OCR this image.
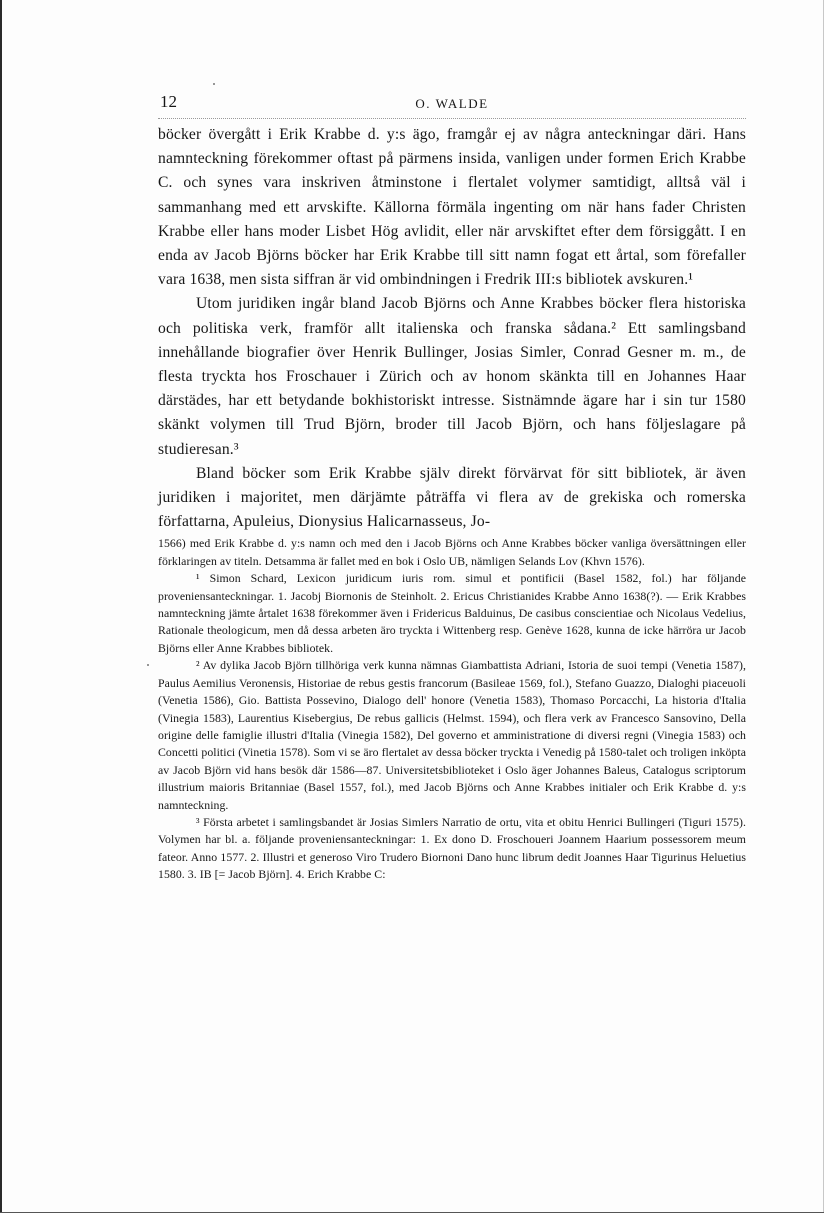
12	O. WALDE

böcker övergått i Erik Krabbe d. y:s ägo, framgår ej av några anteckningar däri. Hans namnteckning förekommer oftast på pärmens insida, vanligen under formen Erich Krabbe C. och synes vara inskriven åtminstone i flertalet volymer samtidigt, alltså väl i sammanhang med ett arvskifte. Källorna förmäla ingenting om när hans fader Christen Krabbe eller hans moder Lisbet Hög avlidit, eller när arvskiftet efter dem försiggått. I en enda av Jacob Björns böcker har Erik Krabbe till sitt namn fogat ett årtal, som förefaller vara 1638, men sista siffran är vid ombindningen i Fredrik III:s bibliotek avskuren.¹

Utom juridiken ingår bland Jacob Björns och Anne Krabbes böcker flera historiska och politiska verk, framför allt italienska och franska sådana.² Ett samlingsband innehållande biografier över Henrik Bullinger, Josias Simler, Conrad Gesner m. m., de flesta tryckta hos Froschauer i Zürich och av honom skänkta till en Johannes Haar därstädes, har ett betydande bokhistoriskt intresse. Sistnämnde ägare har i sin tur 1580 skänkt volymen till Trud Björn, broder till Jacob Björn, och hans följeslagare på studieresan.³

Bland böcker som Erik Krabbe själv direkt förvärvat för sitt bibliotek, är även juridiken i majoritet, men därjämte påträffa vi flera av de grekiska och romerska författarna, Apuleius, Dionysius Halicarnasseus, Jo-

1566) med Erik Krabbe d. y:s namn och med den i Jacob Björns och Anne Krabbes böcker vanliga översättningen eller förklaringen av titeln. Detsamma är fallet med en bok i Oslo UB, nämligen Selands Lov (Khvn 1576).

¹ Simon Schard, Lexicon juridicum iuris rom. simul et pontificii (Basel 1582, fol.) har följande proveniensanteckningar. 1. Jacobj Biornonis de Steinholt. 2. Ericus Christianides Krabbe Anno 1638(?). — Erik Krabbes namnteckning jämte årtalet 1638 förekommer även i Fridericus Balduinus, De casibus conscientiae och Nicolaus Vedelius, Rationale theologicum, men då dessa arbeten äro tryckta i Wittenberg resp. Genève 1628, kunna de icke härröra ur Jacob Björns eller Anne Krabbes bibliotek.

² Av dylika Jacob Björn tillhöriga verk kunna nämnas Giambattista Adriani, Istoria de suoi tempi (Venetia 1587), Paulus Aemilius Veronensis, Historiae de rebus gestis francorum (Basileae 1569, fol.), Stefano Guazzo, Dialoghi piaceuoli (Venetia 1586), Gio. Battista Possevino, Dialogo dell' honore (Venetia 1583), Thomaso Porcacchi, La historia d'Italia (Vinegia 1583), Laurentius Kisebergius, De rebus gallicis (Helmst. 1594), och flera verk av Francesco Sansovino, Della origine delle famiglie illustri d'Italia (Vinegia 1582), Del governo et amministratione di diversi regni (Vinegia 1583) och Concetti politici (Vinetia 1578). Som vi se äro flertalet av dessa böcker tryckta i Venedig på 1580-talet och troligen inköpta av Jacob Björn vid hans besök där 1586—87. Universitetsbiblioteket i Oslo äger Johannes Baleus, Catalogus scriptorum illustrium maioris Britanniae (Basel 1557, fol.), med Jacob Björns och Anne Krabbes initialer och Erik Krabbe d. y:s namnteckning.

³ Första arbetet i samlingsbandet är Josias Simlers Narratio de ortu, vita et obitu Henrici Bullingeri (Tiguri 1575). Volymen har bl. a. följande proveniensanteckningar: 1. Ex dono D. Froschoueri Joannem Haarium possessorem meum fateor. Anno 1577. 2. Illustri et generoso Viro Trudero Biornoni Dano hunc librum dedit Joannes Haar Tigurinus Heluetius 1580. 3. IB [= Jacob Björn]. 4. Erich Krabbe C:
